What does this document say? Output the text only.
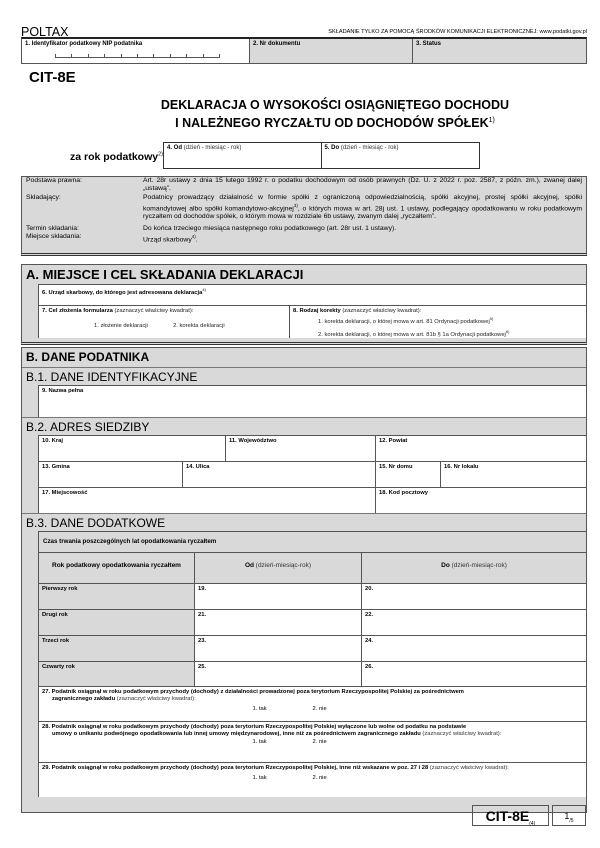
POLTAX	SKŁADANIE TYLKO ZA POMOCĄ ŚRODKÓW KOMUNIKACJI ELEKTRONICZNEJ: www.podatki.gov.pl
1. Identyfikator podatkowy NIP podatnika	2. Nr dokumentu	3. Status
CIT-8E
DEKLARACJA O WYSOKOŚCI OSIĄGNIĘTEGO DOCHODU
I NALEŻNEGO RYCZAŁTU OD DOCHODÓW SPÓŁEK$^{1)}$
za rok podatkowy$^{2)}$
4. Od (dzień - miesiąc - rok)	5. Do (dzień - miesiąc - rok)
Podstawa prawna:	Art. 28r ustawy z dnia 15 lutego 1992 r. o podatku dochodowym od osób prawnych (Dz. U. z 2022 r. poz. 2587, z późn. zm.), zwanej dalej „ustawą”.
Składający:	Podatnicy prowadzący działalność w formie spółki z ograniczoną odpowiedzialnością, spółki akcyjnej, prostej spółki akcyjnej, spółki komandytowej albo spółki komandytowo-akcyjnej$^{3)}$, o których mowa w art. 28j ust. 1 ustawy, podlegający opodatkowaniu w roku podatkowym ryczałtem od dochodów spółek, o którym mowa w rozdziale 6b ustawy, zwanym dalej „ryczałtem”.
Termin składania:	Do końca trzeciego miesiąca następnego roku podatkowego (art. 28r ust. 1 ustawy).
Miejsce składania:	Urząd skarbowy$^{4)}$.
A. MIEJSCE I CEL SKŁADANIA DEKLARACJI
6. Urząd skarbowy, do którego jest adresowana deklaracja$^{4)}$
7. Cel złożenia formularza (zaznaczyć właściwy kwadrat):
1. złożenie deklaracji	2. korekta deklaracji
8. Rodzaj korekty (zaznaczyć właściwy kwadrat):
1. korekta deklaracji, o której mowa w art. 81 Ordynacji podatkowej$^{5)}$
2. korekta deklaracji, o której mowa w art. 81b § 1a Ordynacji podatkowej$^{6)}$
B. DANE PODATNIKA
B.1. DANE IDENTYFIKACYJNE
9. Nazwa pełna
B.2. ADRES SIEDZIBY
10. Kraj	11. Województwo	12. Powiat
13. Gmina	14. Ulica	15. Nr domu	16. Nr lokalu
17. Miejscowość	18. Kod pocztowy
B.3. DANE DODATKOWE
Czas trwania poszczególnych lat opodatkowania ryczałtem
Rok podatkowy opodatkowania ryczałtem	Od (dzień-miesiąc-rok)	Do (dzień-miesiąc-rok)
Pierwszy rok	19.	20.
Drugi rok	21.	22.
Trzeci rok	23.	24.
Czwarty rok	25.	26.
27. Podatnik osiągnął w roku podatkowym przychody (dochody) z działalności prowadzonej poza terytorium Rzeczypospolitej Polskiej za pośrednictwem
zagranicznego zakładu (zaznaczyć właściwy kwadrat):
1. tak	2. nie
28. Podatnik osiągnął w roku podatkowym przychody (dochody) poza terytorium Rzeczypospolitej Polskiej wyłączone lub wolne od podatku na podstawie
umowy o unikaniu podwójnego opodatkowania lub innej umowy międzynarodowej, inne niż za pośrednictwem zagranicznego zakładu (zaznaczyć właściwy kwadrat):
1. tak	2. nie
29. Podatnik osiągnął w roku podatkowym przychody (dochody) poza terytorium Rzeczypospolitej Polskiej, inne niż wskazane w poz. 27 i 28 (zaznaczyć właściwy kwadrat):
1. tak	2. nie
CIT-$8E_{(4)}$
$1_{/5}$
